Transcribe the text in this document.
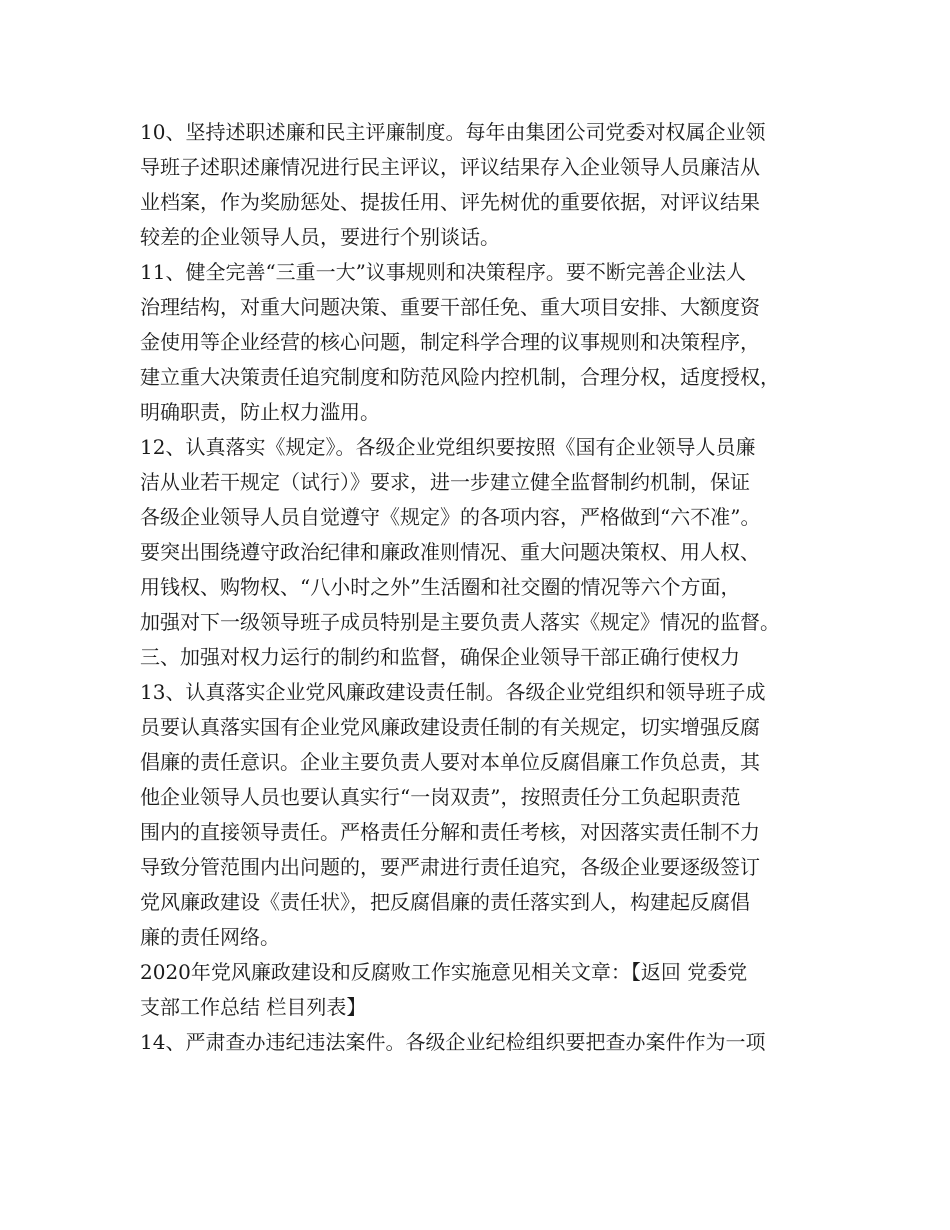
10、坚持述职述廉和民主评廉制度。每年由集团公司党委对权属企业领
导班子述职述廉情况进行民主评议，评议结果存入企业领导人员廉洁从
业档案，作为奖励惩处、提拔任用、评先树优的重要依据，对评议结果
较差的企业领导人员，要进行个别谈话。
11、健全完善“三重一大”议事规则和决策程序。要不断完善企业法人
治理结构，对重大问题决策、重要干部任免、重大项目安排、大额度资
金使用等企业经营的核心问题，制定科学合理的议事规则和决策程序，
建立重大决策责任追究制度和防范风险内控机制，合理分权，适度授权，
明确职责，防止权力滥用。
12、认真落实《规定》。各级企业党组织要按照《国有企业领导人员廉
洁从业若干规定（试行）》要求，进一步建立健全监督制约机制，保证
各级企业领导人员自觉遵守《规定》的各项内容，严格做到“六不准”。
要突出围绕遵守政治纪律和廉政准则情况、重大问题决策权、用人权、
用钱权、购物权、“八小时之外”生活圈和社交圈的情况等六个方面，
加强对下一级领导班子成员特别是主要负责人落实《规定》情况的监督。
三、加强对权力运行的制约和监督，确保企业领导干部正确行使权力
13、认真落实企业党风廉政建设责任制。各级企业党组织和领导班子成
员要认真落实国有企业党风廉政建设责任制的有关规定，切实增强反腐
倡廉的责任意识。企业主要负责人要对本单位反腐倡廉工作负总责，其
他企业领导人员也要认真实行“一岗双责”，按照责任分工负起职责范
围内的直接领导责任。严格责任分解和责任考核，对因落实责任制不力
导致分管范围内出问题的，要严肃进行责任追究，各级企业要逐级签订
党风廉政建设《责任状》，把反腐倡廉的责任落实到人，构建起反腐倡
廉的责任网络。
2020年党风廉政建设和反腐败工作实施意见相关文章：【返回 党委党
支部工作总结 栏目列表】
14、严肃查办违纪违法案件。各级企业纪检组织要把查办案件作为一项
